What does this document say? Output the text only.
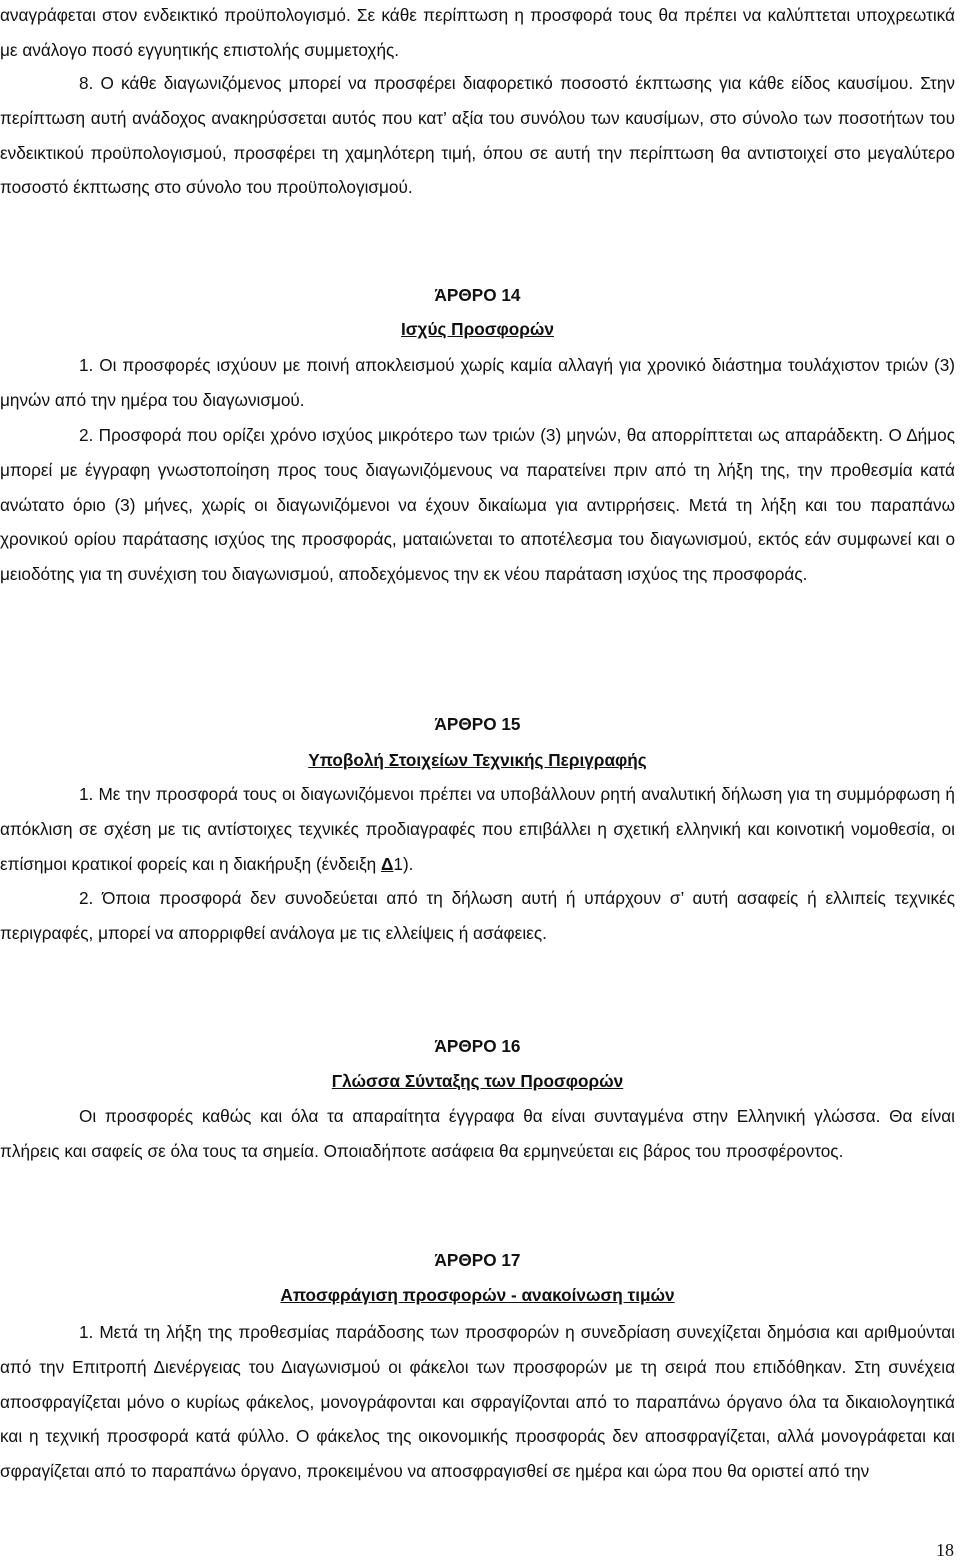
αναγράφεται στον ενδεικτικό προϋπολογισμό. Σε κάθε περίπτωση η προσφορά τους θα πρέπει να καλύπτεται υποχρεωτικά με ανάλογο ποσό εγγυητικής επιστολής συμμετοχής.

8. Ο κάθε διαγωνιζόμενος μπορεί να προσφέρει διαφορετικό ποσοστό έκπτωσης για κάθε είδος καυσίμου. Στην περίπτωση αυτή ανάδοχος ανακηρύσσεται αυτός που κατ’ αξία του συνόλου των καυσίμων, στο σύνολο των ποσοτήτων του ενδεικτικού προϋπολογισμού, προσφέρει τη χαμηλότερη τιμή, όπου σε αυτή την περίπτωση θα αντιστοιχεί στο μεγαλύτερο ποσοστό έκπτωσης στο σύνολο του προϋπολογισμού.

ΆΡΘΡΟ 14

Ισχύς Προσφορών

1. Οι προσφορές ισχύουν με ποινή αποκλεισμού χωρίς καμία αλλαγή για χρονικό διάστημα τουλάχιστον τριών (3) μηνών από την ημέρα του διαγωνισμού.

2. Προσφορά που ορίζει χρόνο ισχύος μικρότερο των τριών (3) μηνών, θα απορρίπτεται ως απαράδεκτη. Ο Δήμος μπορεί με έγγραφη γνωστοποίηση προς τους διαγωνιζόμενους να παρατείνει πριν από τη λήξη της, την προθεσμία κατά ανώτατο όριο (3) μήνες, χωρίς οι διαγωνιζόμενοι να έχουν δικαίωμα για αντιρρήσεις. Μετά τη λήξη και του παραπάνω χρονικού ορίου παράτασης ισχύος της προσφοράς, ματαιώνεται το αποτέλεσμα του διαγωνισμού, εκτός εάν συμφωνεί και ο μειοδότης για τη συνέχιση του διαγωνισμού, αποδεχόμενος την εκ νέου παράταση ισχύος της προσφοράς.

ΆΡΘΡΟ 15

Υποβολή Στοιχείων Τεχνικής Περιγραφής

1. Με την προσφορά τους οι διαγωνιζόμενοι πρέπει να υποβάλλουν ρητή αναλυτική δήλωση για τη συμμόρφωση ή απόκλιση σε σχέση με τις αντίστοιχες τεχνικές προδιαγραφές που επιβάλλει η σχετική ελληνική και κοινοτική νομοθεσία, οι επίσημοι κρατικοί φορείς και η διακήρυξη (ένδειξη Δ1).

2. Όποια προσφορά δεν συνοδεύεται από τη δήλωση αυτή ή υπάρχουν σ’ αυτή ασαφείς ή ελλιπείς τεχνικές περιγραφές, μπορεί να απορριφθεί ανάλογα με τις ελλείψεις ή ασάφειες.

ΆΡΘΡΟ 16

Γλώσσα Σύνταξης των Προσφορών

Οι προσφορές καθώς και όλα τα απαραίτητα έγγραφα θα είναι συνταγμένα στην Ελληνική γλώσσα. Θα είναι πλήρεις και σαφείς σε όλα τους τα σημεία. Οποιαδήποτε ασάφεια θα ερμηνεύεται εις βάρος του προσφέροντος.

ΆΡΘΡΟ 17

Αποσφράγιση προσφορών - ανακοίνωση τιμών

1. Μετά τη λήξη της προθεσμίας παράδοσης των προσφορών η συνεδρίαση συνεχίζεται δημόσια και αριθμούνται από την Επιτροπή Διενέργειας του Διαγωνισμού οι φάκελοι των προσφορών με τη σειρά που επιδόθηκαν. Στη συνέχεια αποσφραγίζεται μόνο ο κυρίως φάκελος, μονογράφονται και σφραγίζονται από το παραπάνω όργανο όλα τα δικαιολογητικά και η τεχνική προσφορά κατά φύλλο. Ο φάκελος της οικονομικής προσφοράς δεν αποσφραγίζεται, αλλά μονογράφεται και σφραγίζεται από το παραπάνω όργανο, προκειμένου να αποσφραγισθεί σε ημέρα και ώρα που θα οριστεί από την

18
